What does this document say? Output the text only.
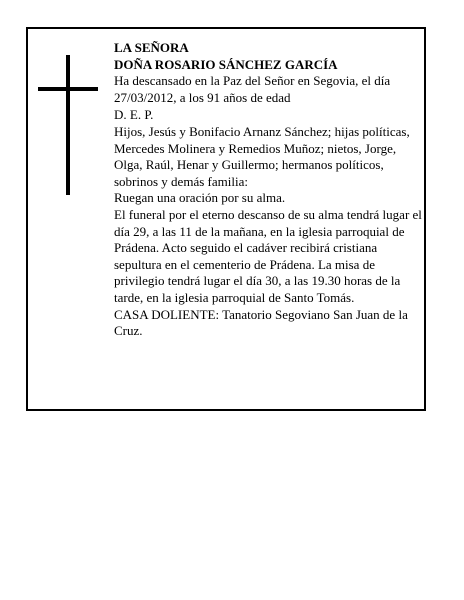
LA SEÑORA
DOÑA ROSARIO SÁNCHEZ GARCÍA
Ha descansado en la Paz del Señor en Segovia, el día 27/03/2012, a los 91 años de edad
D. E. P.
Hijos, Jesús y Bonifacio Arnanz Sánchez; hijas políticas, Mercedes Molinera y Remedios Muñoz; nietos, Jorge, Olga, Raúl, Henar y Guillermo; hermanos políticos, sobrinos y demás familia:
Ruegan una oración por su alma.
El funeral por el eterno descanso de su alma tendrá lugar el día 29, a las 11 de la mañana, en la iglesia parroquial de Prádena. Acto seguido el cadáver recibirá cristiana sepultura en el cementerio de Prádena. La misa de privilegio tendrá lugar el día 30, a las 19.30 horas de la tarde, en la iglesia parroquial de Santo Tomás.
CASA DOLIENTE: Tanatorio Segoviano San Juan de la Cruz.
